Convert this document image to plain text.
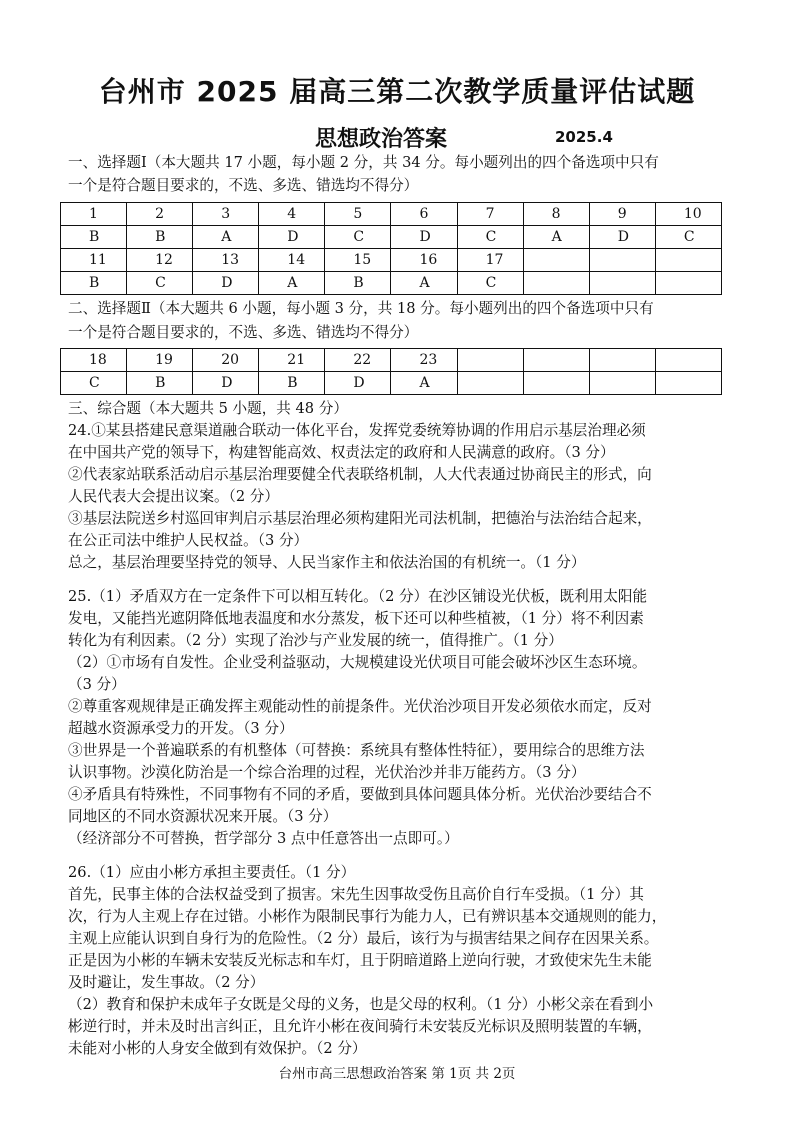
台州市 2025 届高三第二次教学质量评估试题
思想政治答案	2025.4
一、选择题Ⅰ（本大题共 17 小题，每小题 2 分，共 34 分。每小题列出的四个备选项中只有
一个是符合题目要求的，不选、多选、错选均不得分）
1	2	3	4	5	6	7	8	9	10
B	B	A	D	C	D	C	A	D	C
11	12	13	14	15	16	17			
B	C	D	A	B	A	C			
二、选择题Ⅱ（本大题共 6 小题，每小题 3 分，共 18 分。每小题列出的四个备选项中只有
一个是符合题目要求的，不选、多选、错选均不得分）
18	19	20	21	22	23				
C	B	D	B	D	A				
三、综合题（本大题共 5 小题，共 48 分）
24.①某县搭建民意渠道融合联动一体化平台，发挥党委统筹协调的作用启示基层治理必须
在中国共产党的领导下，构建智能高效、权责法定的政府和人民满意的政府。（3 分）
②代表家站联系活动启示基层治理要健全代表联络机制，人大代表通过协商民主的形式，向
人民代表大会提出议案。（2 分）
③基层法院送乡村巡回审判启示基层治理必须构建阳光司法机制，把德治与法治结合起来，
在公正司法中维护人民权益。（3 分）
总之，基层治理要坚持党的领导、人民当家作主和依法治国的有机统一。（1 分）
25.（1）矛盾双方在一定条件下可以相互转化。（2 分）在沙区铺设光伏板，既利用太阳能
发电，又能挡光遮阴降低地表温度和水分蒸发，板下还可以种些植被，（1 分）将不利因素
转化为有利因素。（2 分）实现了治沙与产业发展的统一，值得推广。（1 分）
（2）①市场有自发性。企业受利益驱动，大规模建设光伏项目可能会破坏沙区生态环境。
（3 分）
②尊重客观规律是正确发挥主观能动性的前提条件。光伏治沙项目开发必须依水而定，反对
超越水资源承受力的开发。（3 分）
③世界是一个普遍联系的有机整体（可替换：系统具有整体性特征），要用综合的思维方法
认识事物。沙漠化防治是一个综合治理的过程，光伏治沙并非万能药方。（3 分）
④矛盾具有特殊性，不同事物有不同的矛盾，要做到具体问题具体分析。光伏治沙要结合不
同地区的不同水资源状况来开展。（3 分）
（经济部分不可替换，哲学部分 3 点中任意答出一点即可。）
26.（1）应由小彬方承担主要责任。（1 分）
首先，民事主体的合法权益受到了损害。宋先生因事故受伤且高价自行车受损。（1 分）其
次，行为人主观上存在过错。小彬作为限制民事行为能力人，已有辨识基本交通规则的能力，
主观上应能认识到自身行为的危险性。（2 分）最后，该行为与损害结果之间存在因果关系。
正是因为小彬的车辆未安装反光标志和车灯，且于阴暗道路上逆向行驶，才致使宋先生未能
及时避让，发生事故。（2 分）
（2）教育和保护未成年子女既是父母的义务，也是父母的权利。（1 分）小彬父亲在看到小
彬逆行时，并未及时出言纠正，且允许小彬在夜间骑行未安装反光标识及照明装置的车辆，
未能对小彬的人身安全做到有效保护。（2 分）
台州市高三思想政治答案 第 1页 共 2页
